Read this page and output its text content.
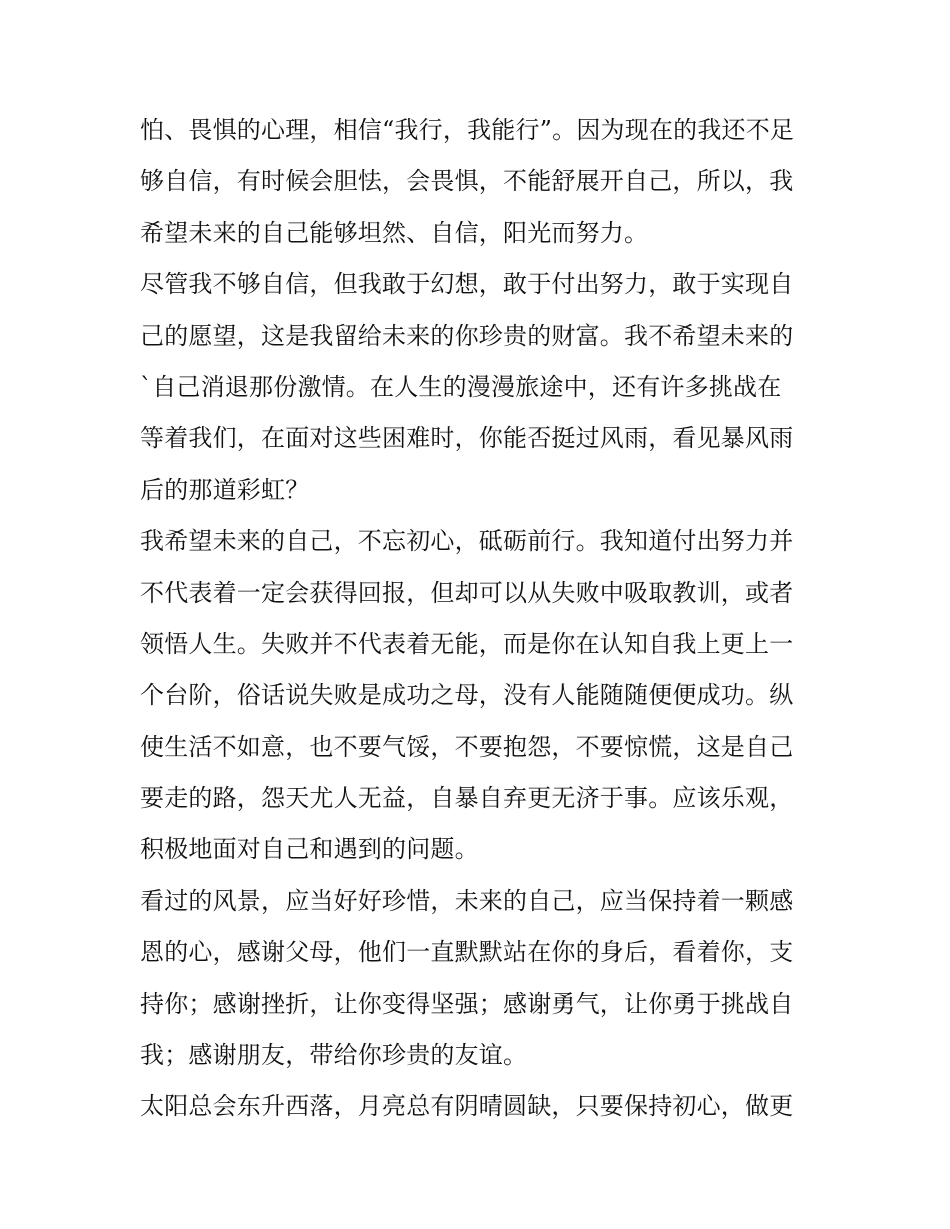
怕、畏惧的心理，相信“我行，我能行”。因为现在的我还不足
够自信，有时候会胆怯，会畏惧，不能舒展开自己，所以，我
希望未来的自己能够坦然、自信，阳光而努力。
尽管我不够自信，但我敢于幻想，敢于付出努力，敢于实现自
己的愿望，这是我留给未来的你珍贵的财富。我不希望未来的
`自己消退那份激情。在人生的漫漫旅途中，还有许多挑战在
等着我们，在面对这些困难时，你能否挺过风雨，看见暴风雨
后的那道彩虹？
我希望未来的自己，不忘初心，砥砺前行。我知道付出努力并
不代表着一定会获得回报，但却可以从失败中吸取教训，或者
领悟人生。失败并不代表着无能，而是你在认知自我上更上一
个台阶，俗话说失败是成功之母，没有人能随随便便成功。纵
使生活不如意，也不要气馁，不要抱怨，不要惊慌，这是自己
要走的路，怨天尤人无益，自暴自弃更无济于事。应该乐观，
积极地面对自己和遇到的问题。
看过的风景，应当好好珍惜，未来的自己，应当保持着一颗感
恩的心，感谢父母，他们一直默默站在你的身后，看着你，支
持你；感谢挫折，让你变得坚强；感谢勇气，让你勇于挑战自
我；感谢朋友，带给你珍贵的友谊。
太阳总会东升西落，月亮总有阴晴圆缺，只要保持初心，做更
